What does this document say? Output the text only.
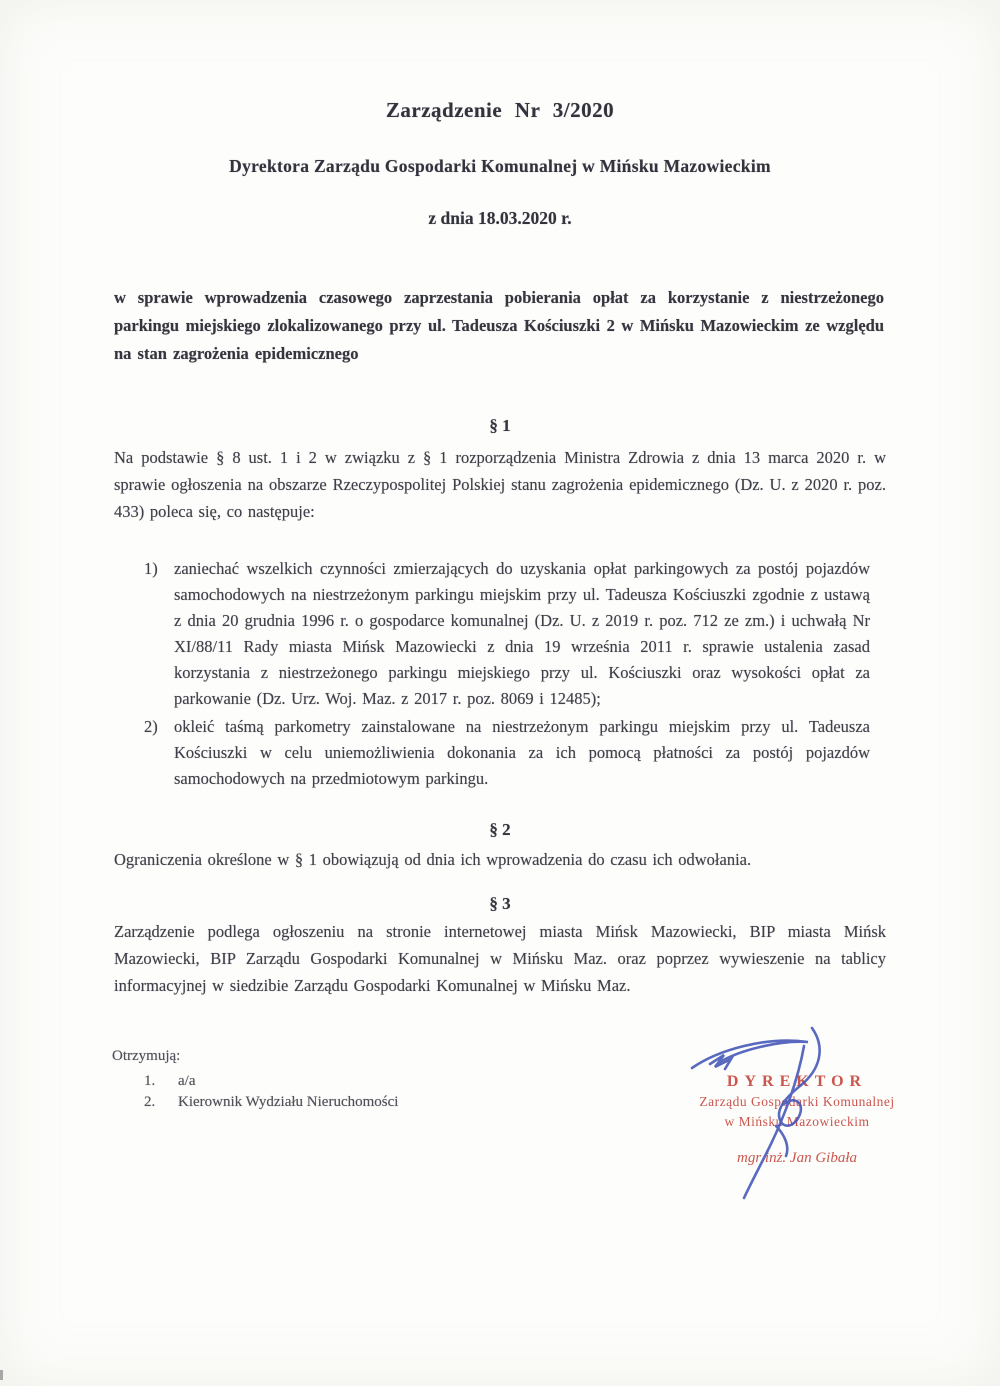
Zarządzenie Nr 3/2020
Dyrektora Zarządu Gospodarki Komunalnej w Mińsku Mazowieckim
z dnia 18.03.2020 r.
w sprawie wprowadzenia czasowego zaprzestania pobierania opłat za korzystanie z niestrzeżonego parkingu miejskiego zlokalizowanego przy ul. Tadeusza Kościuszki 2 w Mińsku Mazowieckim ze względu na stan zagrożenia epidemicznego
§ 1
Na podstawie § 8 ust. 1 i 2 w związku z § 1 rozporządzenia Ministra Zdrowia z dnia 13 marca 2020 r. w sprawie ogłoszenia na obszarze Rzeczypospolitej Polskiej stanu zagrożenia epidemicznego (Dz. U. z 2020 r. poz. 433) poleca się, co następuje:
1) zaniechać wszelkich czynności zmierzających do uzyskania opłat parkingowych za postój pojazdów samochodowych na niestrzeżonym parkingu miejskim przy ul. Tadeusza Kościuszki zgodnie z ustawą z dnia 20 grudnia 1996 r. o gospodarce komunalnej (Dz. U. z 2019 r. poz. 712 ze zm.) i uchwałą Nr XI/88/11 Rady miasta Mińsk Mazowiecki z dnia 19 września 2011 r. sprawie ustalenia zasad korzystania z niestrzeżonego parkingu miejskiego przy ul. Kościuszki oraz wysokości opłat za parkowanie (Dz. Urz. Woj. Maz. z 2017 r. poz. 8069 i 12485);
2) okleić taśmą parkometry zainstalowane na niestrzeżonym parkingu miejskim przy ul. Tadeusza Kościuszki w celu uniemożliwienia dokonania za ich pomocą płatności za postój pojazdów samochodowych na przedmiotowym parkingu.
§ 2
Ograniczenia określone w § 1 obowiązują od dnia ich wprowadzenia do czasu ich odwołania.
§ 3
Zarządzenie podlega ogłoszeniu na stronie internetowej miasta Mińsk Mazowiecki, BIP miasta Mińsk Mazowiecki, BIP Zarządu Gospodarki Komunalnej w Mińsku Maz. oraz poprzez wywieszenie na tablicy informacyjnej w siedzibie Zarządu Gospodarki Komunalnej w Mińsku Maz.
Otrzymują:
1.	a/a
2.	Kierownik Wydziału Nieruchomości
DYREKTOR
Zarządu Gospodarki Komunalnej
w Mińsku Mazowieckim
mgr inż. Jan Gibała
